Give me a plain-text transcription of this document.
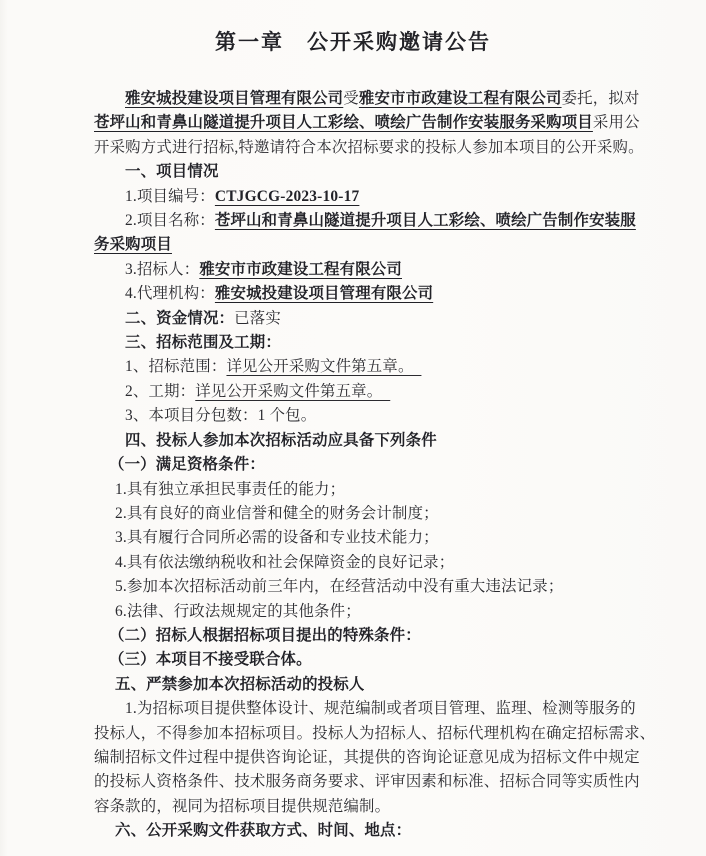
第一章　公开采购邀请公告
雅安城投建设项目管理有限公司受雅安市市政建设工程有限公司委托，拟对
苍坪山和青鼻山隧道提升项目人工彩绘、喷绘广告制作安装服务采购项目采用公
开采购方式进行招标,特邀请符合本次招标要求的投标人参加本项目的公开采购。
一、项目情况
1.项目编号：CTJGCG-2023-10-17
2.项目名称：苍坪山和青鼻山隧道提升项目人工彩绘、喷绘广告制作安装服
务采购项目
3.招标人：雅安市市政建设工程有限公司
4.代理机构：雅安城投建设项目管理有限公司
二、资金情况：已落实
三、招标范围及工期：
1、招标范围：详见公开采购文件第五章。　
2、工期：详见公开采购文件第五章。　
3、本项目分包数：1 个包。
四、投标人参加本次招标活动应具备下列条件
（一）满足资格条件：
1.具有独立承担民事责任的能力；
2.具有良好的商业信誉和健全的财务会计制度；
3.具有履行合同所必需的设备和专业技术能力；
4.具有依法缴纳税收和社会保障资金的良好记录；
5.参加本次招标活动前三年内，在经营活动中没有重大违法记录；
6.法律、行政法规规定的其他条件；
（二）招标人根据招标项目提出的特殊条件：
（三）本项目不接受联合体。
五、严禁参加本次招标活动的投标人
1.为招标项目提供整体设计、规范编制或者项目管理、监理、检测等服务的
投标人，不得参加本招标项目。投标人为招标人、招标代理机构在确定招标需求、
编制招标文件过程中提供咨询论证，其提供的咨询论证意见成为招标文件中规定
的投标人资格条件、技术服务商务要求、评审因素和标准、招标合同等实质性内
容条款的，视同为招标项目提供规范编制。
六、公开采购文件获取方式、时间、地点：
